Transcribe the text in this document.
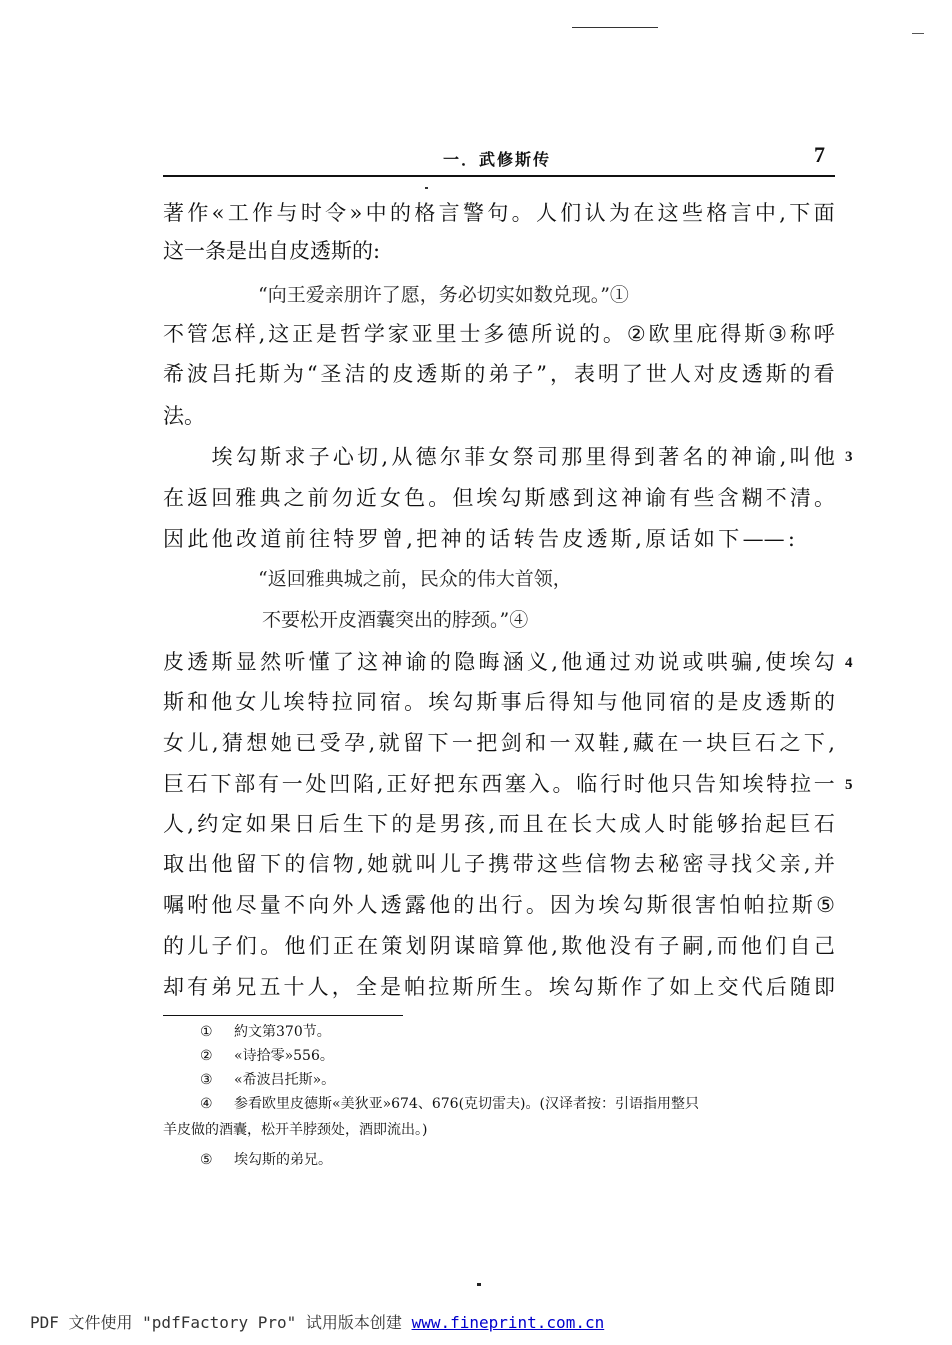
一．武修斯传	7
著 作 « 工 作 与 时 令 » 中 的 格 言 警 句 。 人 们 认 为 在 这 些 格 言 中 , 下 面
这一条是出自皮透斯的:
“向王爱亲朋许了愿，务必切实如数兑现。”①
不 管 怎 样 , 这 正 是 哲 学 家 亚 里 士 多 德 所 说 的 。 ② 欧 里 庇 得 斯 ③ 称 呼
希 波 吕 托 斯 为 “ 圣 洁 的 皮 透 斯 的 弟 子 ” ， 表 明 了 世 人 对 皮 透 斯 的 看
法。

埃 勾 斯 求 子 心 切 , 从 德 尔 菲 女 祭 司 那 里 得 到 著 名 的 神 谕 , 叫 他
在 返 回 雅 典 之 前 勿 近 女 色 。 但 埃 勾 斯 感 到 这 神 谕 有 些 含 糊 不 清 。
因 此 他 改 道 前 往 特 罗 曾 , 把 神 的 话 转 告 皮 透 斯 , 原 话 如 下 —— :
“返回雅典城之前，民众的伟大首领，
不要松开皮酒囊突出的脖颈。”④
皮 透 斯 显 然 听 懂 了 这 神 谕 的 隐 晦 涵 义 , 他 通 过 劝 说 或 哄 骗 , 使 埃 勾
斯 和 他 女 儿 埃 特 拉 同 宿 。 埃 勾 斯 事 后 得 知 与 他 同 宿 的 是 皮 透 斯 的
女 儿 , 猜 想 她 已 受 孕 , 就 留 下 一 把 剑 和 一 双 鞋 , 藏 在 一 块 巨 石 之 下 ,
巨 石 下 部 有 一 处 凹 陷 , 正 好 把 东 西 塞 入 。 临 行 时 他 只 告 知 埃 特 拉 一
人 , 约 定 如 果 日 后 生 下 的 是 男 孩 , 而 且 在 长 大 成 人 时 能 够 抬 起 巨 石
取 出 他 留 下 的 信 物 , 她 就 叫 儿 子 携 带 这 些 信 物 去 秘 密 寻 找 父 亲 , 并
嘱 咐 他 尽 量 不 向 外 人 透 露 他 的 出 行 。 因 为 埃 勾 斯 很 害 怕 帕 拉 斯 ⑤
的 儿 子 们 。 他 们 正 在 策 划 阴 谋 暗 算 他 , 欺 他 没 有 子 嗣 , 而 他 们 自 己
却 有 弟 兄 五 十 人 ， 全 是 帕 拉 斯 所 生 。 埃 勾 斯 作 了 如 上 交 代 后 随 即
3
4
5
① 約文第370节。
② «诗拾零»556。
③ «希波吕托斯»。
④ 参看欧里皮德斯«美狄亚»674、676(克切雷夫)。(汉译者按：引语指用整只
羊皮做的酒囊，松开羊脖颈处，酒即流出。)
⑤ 埃勾斯的弟兄。
PDF 文件使用 "pdfFactory Pro" 试用版本创建 www.fineprint.com.cn
